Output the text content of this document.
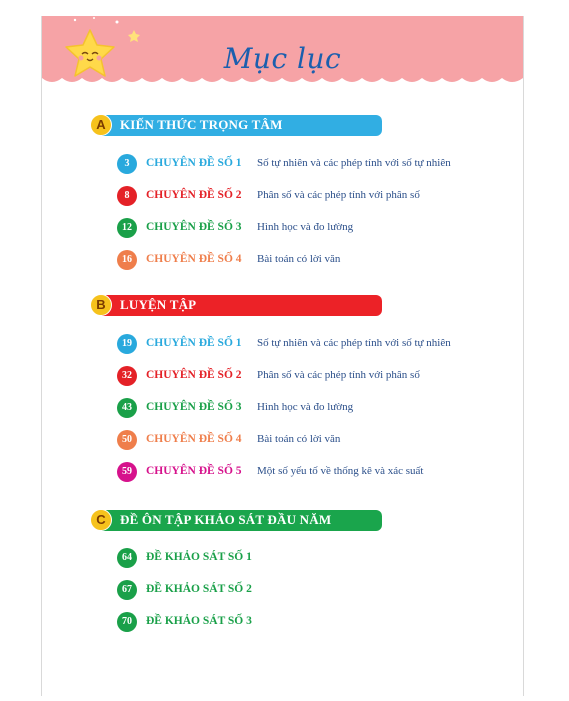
Mục lục
A	KIẾN THỨC TRỌNG TÂM
3	CHUYÊN ĐỀ SỐ 1 Số tự nhiên và các phép tính với số tự nhiên
8	CHUYÊN ĐỀ SỐ 2 Phân số và các phép tính với phân số
12	CHUYÊN ĐỀ SỐ 3 Hình học và đo lường
16	CHUYÊN ĐỀ SỐ 4 Bài toán có lời văn
B	LUYỆN TẬP
19	CHUYÊN ĐỀ SỐ 1 Số tự nhiên và các phép tính với số tự nhiên
32	CHUYÊN ĐỀ SỐ 2 Phân số và các phép tính với phân số
43	CHUYÊN ĐỀ SỐ 3 Hình học và đo lường
50	CHUYÊN ĐỀ SỐ 4 Bài toán có lời văn
59	CHUYÊN ĐỀ SỐ 5 Một số yếu tố về thống kê và xác suất
C	ĐỀ ÔN TẬP KHẢO SÁT ĐẦU NĂM
64	ĐỀ KHẢO SÁT SỐ 1
67	ĐỀ KHẢO SÁT SỐ 2
70	ĐỀ KHẢO SÁT SỐ 3
